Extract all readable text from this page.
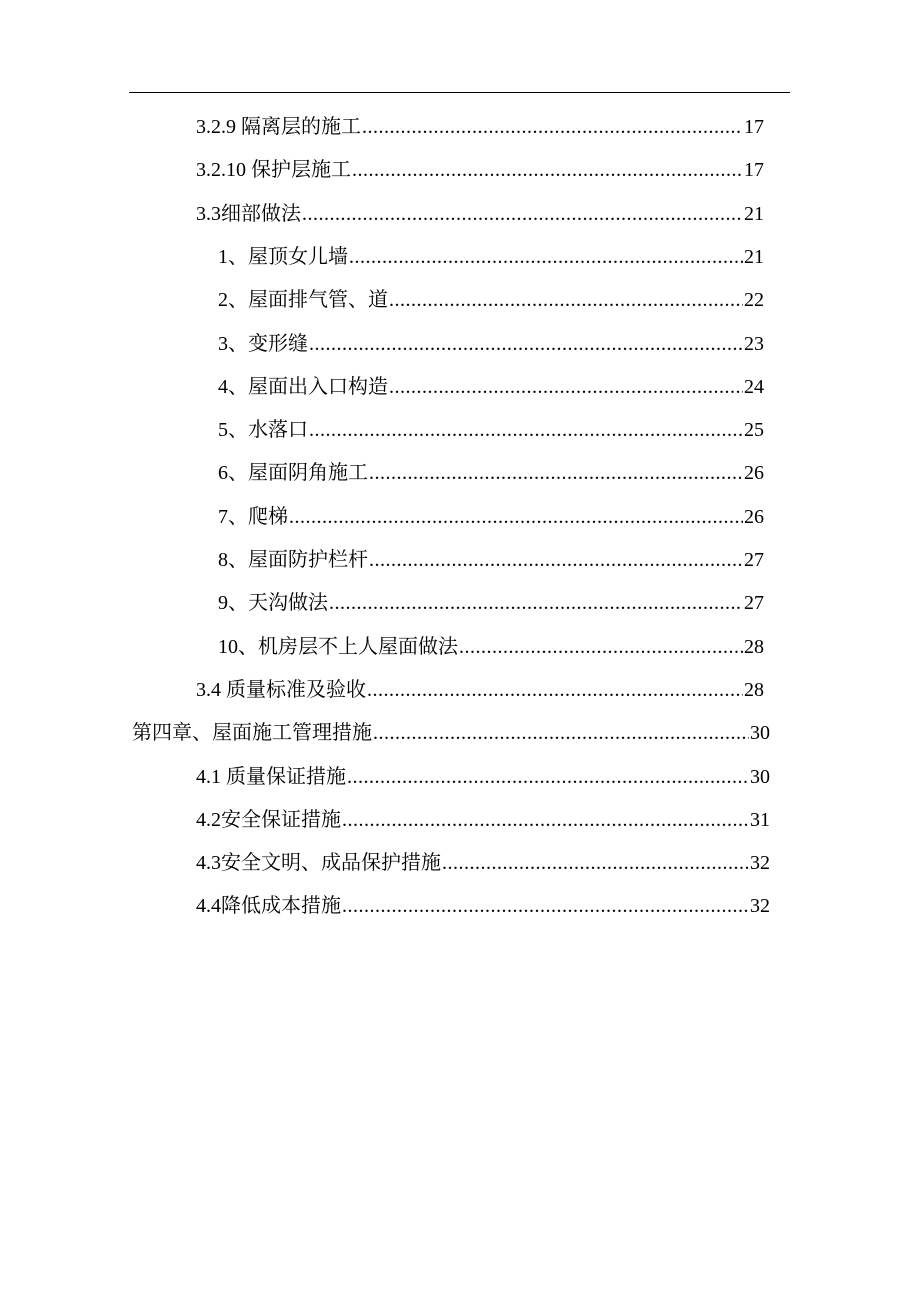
3.2.9 隔离层的施工 .....	17
3.2.10 保护层施工 .....	17
3.3细部做法 .....	21
1、屋顶女儿墙 .....	21
2、屋面排气管、道 .....	22
3、变形缝 .....	23
4、屋面出入口构造 .....	24
5、水落口 .....	25
6、屋面阴角施工 .....	26
7、爬梯 .....	26
8、屋面防护栏杆 .....	27
9、天沟做法 .....	27
10、机房层不上人屋面做法 .....	28
3.4 质量标准及验收 .....	28
第四章、屋面施工管理措施 .....	30
4.1 质量保证措施 .....	30
4.2安全保证措施 .....	31
4.3安全文明、成品保护措施 .....	32
4.4降低成本措施 .....	32
